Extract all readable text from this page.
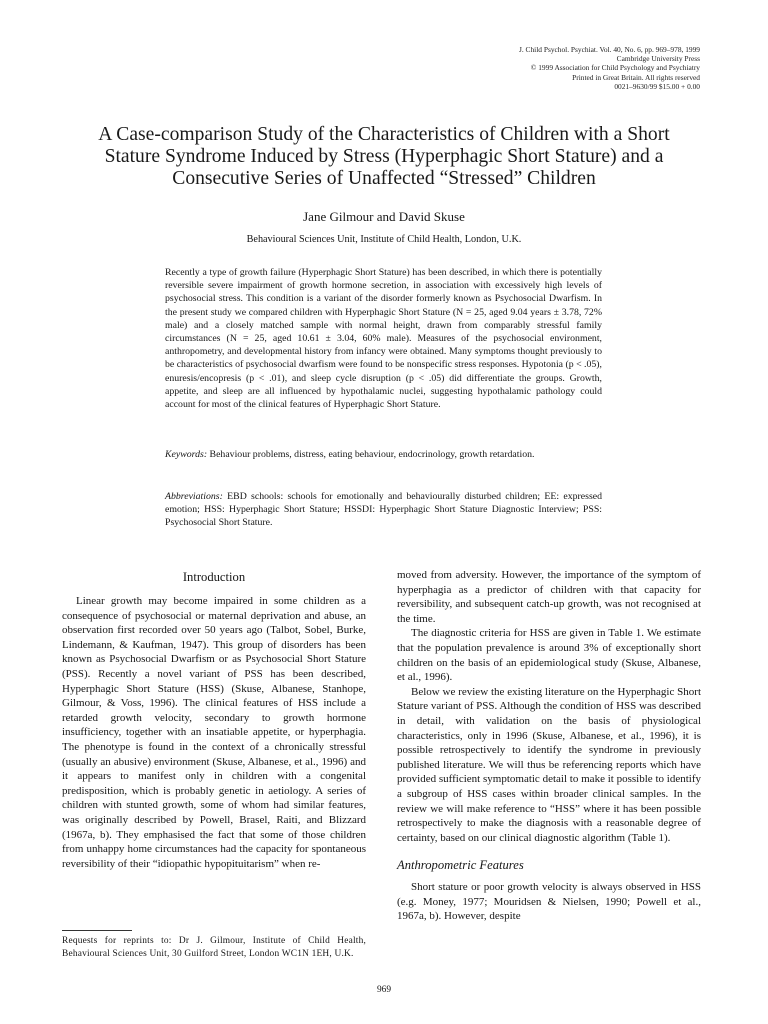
J. Child Psychol. Psychiat. Vol. 40, No. 6, pp. 969–978, 1999
Cambridge University Press
© 1999 Association for Child Psychology and Psychiatry
Printed in Great Britain. All rights reserved
0021–9630/99 $15.00 + 0.00
A Case-comparison Study of the Characteristics of Children with a Short
Stature Syndrome Induced by Stress (Hyperphagic Short Stature) and a
Consecutive Series of Unaffected “Stressed” Children
Jane Gilmour and David Skuse
Behavioural Sciences Unit, Institute of Child Health, London, U.K.
Recently a type of growth failure (Hyperphagic Short Stature) has been described, in which there is potentially reversible severe impairment of growth hormone secretion, in association with excessively high levels of psychosocial stress. This condition is a variant of the disorder formerly known as Psychosocial Dwarfism. In the present study we compared children with Hyperphagic Short Stature (N = 25, aged 9.04 years ± 3.78, 72% male) and a closely matched sample with normal height, drawn from comparably stressful family circumstances (N = 25, aged 10.61 ± 3.04, 60% male). Measures of the psychosocial environment, anthropometry, and developmental history from infancy were obtained. Many symptoms thought previously to be characteristics of psychosocial dwarfism were found to be nonspecific stress responses. Hypotonia (p < .05), enuresis/encopresis (p < .01), and sleep cycle disruption (p < .05) did differentiate the groups. Growth, appetite, and sleep are all influenced by hypothalamic nuclei, suggesting hypothalamic pathology could account for most of the clinical features of Hyperphagic Short Stature.
Keywords: Behaviour problems, distress, eating behaviour, endocrinology, growth retardation.
Abbreviations: EBD schools: schools for emotionally and behaviourally disturbed children; EE: expressed emotion; HSS: Hyperphagic Short Stature; HSSDI: Hyperphagic Short Stature Diagnostic Interview; PSS: Psychosocial Short Stature.
Introduction

Linear growth may become impaired in some children as a consequence of psychosocial or maternal deprivation and abuse, an observation first recorded over 50 years ago (Talbot, Sobel, Burke, Lindemann, & Kaufman, 1947). This group of disorders has been known as Psychosocial Dwarfism or as Psychosocial Short Stature (PSS). Recently a novel variant of PSS has been described, Hyperphagic Short Stature (HSS) (Skuse, Albanese, Stanhope, Gilmour, & Voss, 1996). The clinical features of HSS include a retarded growth velocity, secondary to growth hormone insufficiency, together with an insatiable appetite, or hyperphagia. The phenotype is found in the context of a chronically stressful (usually an abusive) environment (Skuse, Albanese, et al., 1996) and it appears to manifest only in children with a congenital predisposition, which is probably genetic in aetiology. A series of children with stunted growth, some of whom had similar features, was originally described by Powell, Brasel, Raiti, and Blizzard (1967a, b). They emphasised the fact that some of those children from unhappy home circumstances had the capacity for spontaneous reversibility of their “idiopathic hypopituitarism” when re-

moved from adversity. However, the importance of the symptom of hyperphagia as a predictor of children with that capacity for reversibility, and subsequent catch-up growth, was not recognised at the time.

The diagnostic criteria for HSS are given in Table 1. We estimate that the population prevalence is around 3% of exceptionally short children on the basis of an epidemiological study (Skuse, Albanese, et al., 1996).

Below we review the existing literature on the Hyperphagic Short Stature variant of PSS. Although the condition of HSS was described in detail, with validation on the basis of physiological characteristics, only in 1996 (Skuse, Albanese, et al., 1996), it is possible retrospectively to identify the syndrome in previously published literature. We will thus be referencing reports which have provided sufficient symptomatic detail to make it possible to identify a subgroup of HSS cases within broader clinical samples. In the review we will make reference to “HSS” where it has been possible retrospectively to make the diagnosis with a reasonable degree of certainty, based on our clinical diagnostic algorithm (Table 1).

Anthropometric Features

Short stature or poor growth velocity is always observed in HSS (e.g. Money, 1977; Mouridsen & Nielsen, 1990; Powell et al., 1967a, b). However, despite

Requests for reprints to: Dr J. Gilmour, Institute of Child Health, Behavioural Sciences Unit, 30 Guilford Street, London WC1N 1EH, U.K.
969
